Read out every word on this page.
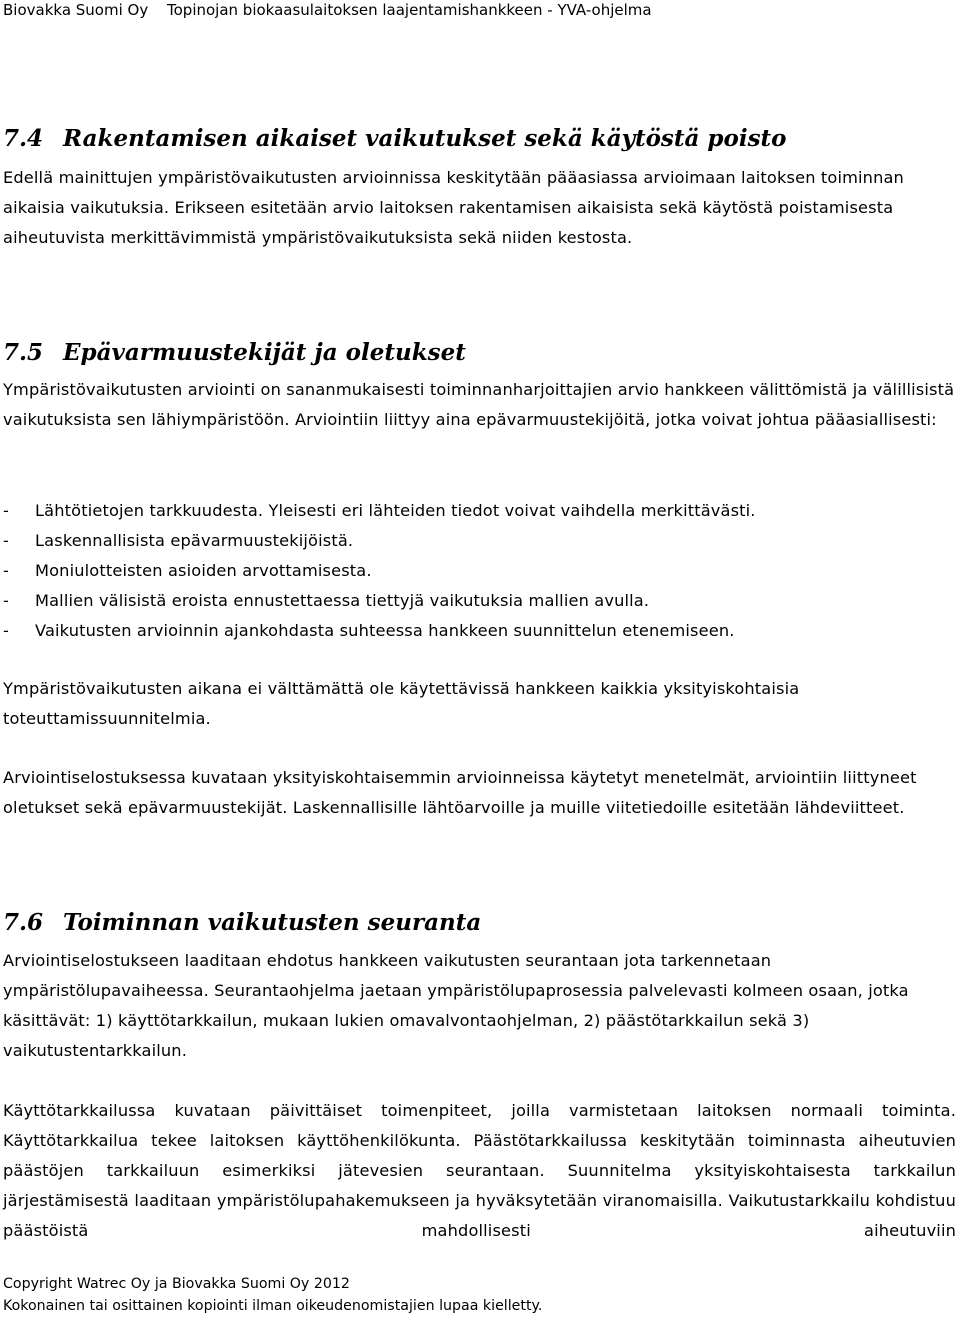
Biovakka Suomi Oy Topinojan biokaasulaitoksen laajentamishankkeen - YVA-ohjelma
7.4 Rakentamisen aikaiset vaikutukset sekä käytöstä poisto

Edellä mainittujen ympäristövaikutusten arvioinnissa keskitytään pääasiassa arvioimaan laitoksen toiminnan aikaisia vaikutuksia. Erikseen esitetään arvio laitoksen rakentamisen aikaisista sekä käytöstä poistamisesta aiheutuvista merkittävimmistä ympäristövaikutuksista sekä niiden kestosta.

7.5 Epävarmuustekijät ja oletukset

Ympäristövaikutusten arviointi on sananmukaisesti toiminnanharjoittajien arvio hankkeen välittömistä ja välillisistä vaikutuksista sen lähiympäristöön. Arviointiin liittyy aina epävarmuustekijöitä, jotka voivat johtua pääasiallisesti:

-	Lähtötietojen tarkkuudesta. Yleisesti eri lähteiden tiedot voivat vaihdella merkittävästi.
-	Laskennallisista epävarmuustekijöistä.
-	Moniulotteisten asioiden arvottamisesta.
-	Mallien välisistä eroista ennustettaessa tiettyjä vaikutuksia mallien avulla.
-	Vaikutusten arvioinnin ajankohdasta suhteessa hankkeen suunnittelun etenemiseen.

Ympäristövaikutusten aikana ei välttämättä ole käytettävissä hankkeen kaikkia yksityiskohtaisia toteuttamissuunnitelmia.

Arviointiselostuksessa kuvataan yksityiskohtaisemmin arvioinneissa käytetyt menetelmät, arviointiin liittyneet oletukset sekä epävarmuustekijät. Laskennallisille lähtöarvoille ja muille viitetiedoille esitetään lähdeviitteet.

7.6 Toiminnan vaikutusten seuranta

Arviointiselostukseen laaditaan ehdotus hankkeen vaikutusten seurantaan jota tarkennetaan ympäristölupavaiheessa. Seurantaohjelma jaetaan ympäristölupaprosessia palvelevasti kolmeen osaan, jotka käsittävät: 1) käyttötarkkailun, mukaan lukien omavalvontaohjelman, 2) päästötarkkailun sekä 3) vaikutustentarkkailun.

Käyttötarkkailussa kuvataan päivittäiset toimenpiteet, joilla varmistetaan laitoksen normaali toiminta. Käyttötarkkailua tekee laitoksen käyttöhenkilökunta. Päästötarkkailussa keskitytään toiminnasta aiheutuvien päästöjen tarkkailuun esimerkiksi jätevesien seurantaan. Suunnitelma yksityiskohtaisesta tarkkailun järjestämisestä laaditaan ympäristölupahakemukseen ja hyväksytetään viranomaisilla. Vaikutustarkkailu kohdistuu päästöistä mahdollisesti aiheutuviin

Copyright Watrec Oy ja Biovakka Suomi Oy 2012
Kokonainen tai osittainen kopiointi ilman oikeudenomistajien lupaa kielletty.
